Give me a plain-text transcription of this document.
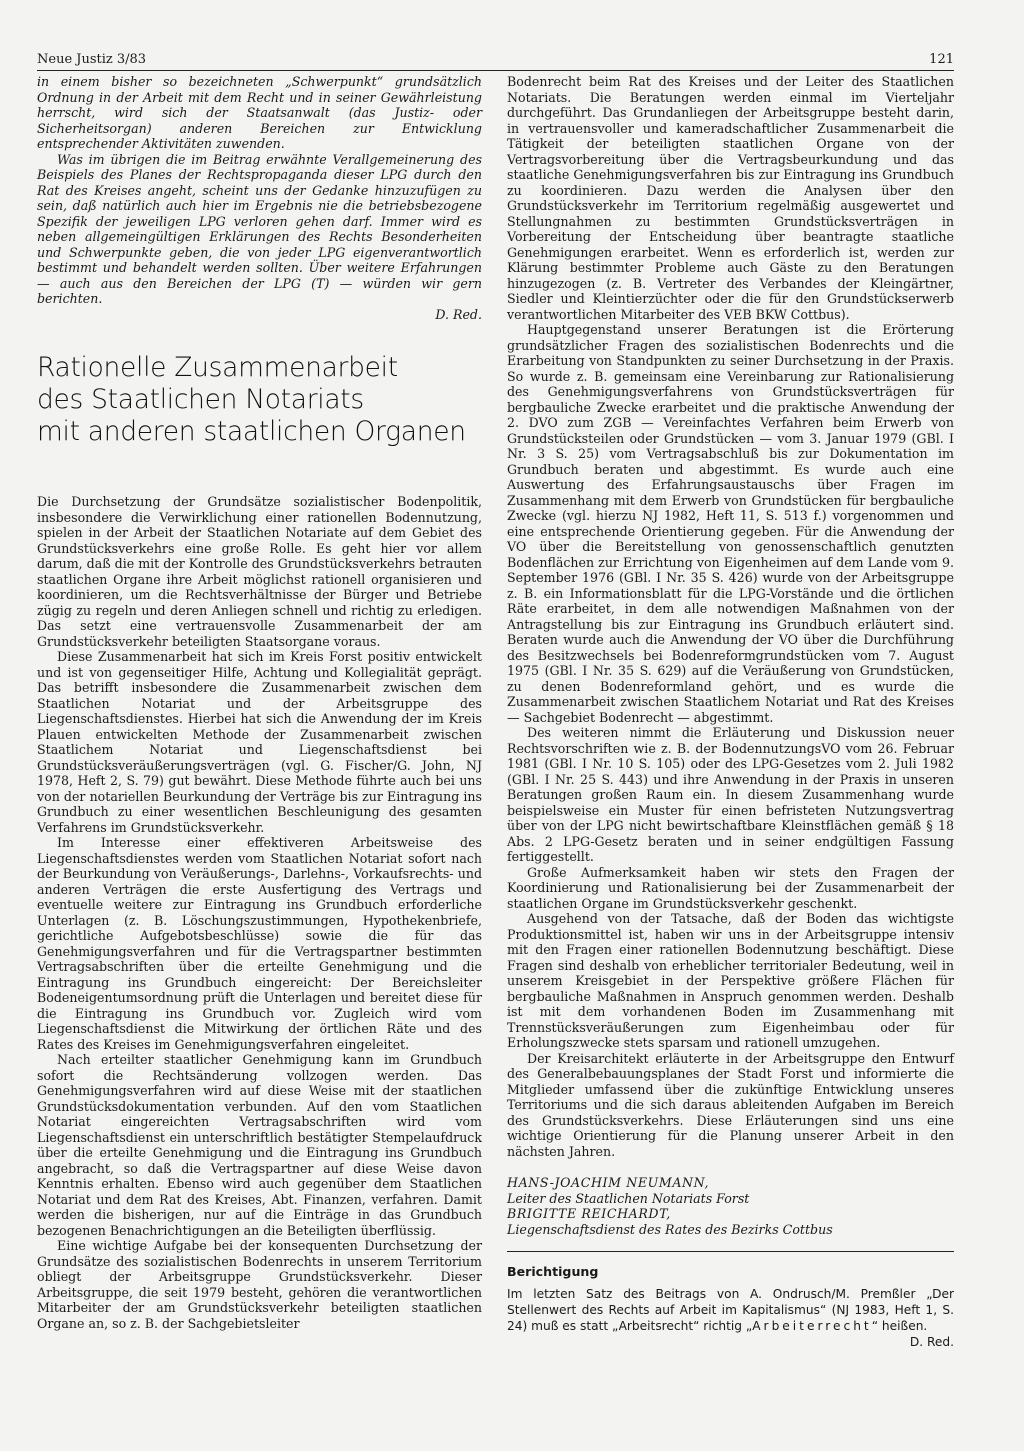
Neue Justiz 3/83	121

in einem bisher so bezeichneten „Schwerpunkt“ grundsätzlich Ordnung in der Arbeit mit dem Recht und in seiner Gewährleistung herrscht, wird sich der Staatsanwalt (das Justiz- oder Sicherheitsorgan) anderen Bereichen zur Entwicklung entsprechender Aktivitäten zuwenden.

Was im übrigen die im Beitrag erwähnte Verallgemeinerung des Beispiels des Planes der Rechtspropaganda dieser LPG durch den Rat des Kreises angeht, scheint uns der Gedanke hinzuzufügen zu sein, daß natürlich auch hier im Ergebnis nie die betriebsbezogene Spezifik der jeweiligen LPG verloren gehen darf. Immer wird es neben allgemeingültigen Erklärungen des Rechts Besonderheiten und Schwerpunkte geben, die von jeder LPG eigenverantwortlich bestimmt und behandelt werden sollten. Über weitere Erfahrungen — auch aus den Bereichen der LPG (T) — würden wir gern berichten.

D. Red.

Rationelle Zusammenarbeit
des Staatlichen Notariats
mit anderen staatlichen Organen

Die Durchsetzung der Grundsätze sozialistischer Bodenpolitik, insbesondere die Verwirklichung einer rationellen Bodennutzung, spielen in der Arbeit der Staatlichen Notariate auf dem Gebiet des Grundstücksverkehrs eine große Rolle. Es geht hier vor allem darum, daß die mit der Kontrolle des Grundstücksverkehrs betrauten staatlichen Organe ihre Arbeit möglichst rationell organisieren und koordinieren, um die Rechtsverhältnisse der Bürger und Betriebe zügig zu regeln und deren Anliegen schnell und richtig zu erledigen. Das setzt eine vertrauensvolle Zusammenarbeit der am Grundstücksverkehr beteiligten Staatsorgane voraus.

Diese Zusammenarbeit hat sich im Kreis Forst positiv entwickelt und ist von gegenseitiger Hilfe, Achtung und Kollegialität geprägt. Das betrifft insbesondere die Zusammenarbeit zwischen dem Staatlichen Notariat und der Arbeitsgruppe des Liegenschaftsdienstes. Hierbei hat sich die Anwendung der im Kreis Plauen entwickelten Methode der Zusammenarbeit zwischen Staatlichem Notariat und Liegenschaftsdienst bei Grundstücksveräußerungsverträgen (vgl. G. Fischer/G. John, NJ 1978, Heft 2, S. 79) gut bewährt. Diese Methode führte auch bei uns von der notariellen Beurkundung der Verträge bis zur Eintragung ins Grundbuch zu einer wesentlichen Beschleunigung des gesamten Verfahrens im Grundstücksverkehr.

Im Interesse einer effektiveren Arbeitsweise des Liegenschaftsdienstes werden vom Staatlichen Notariat sofort nach der Beurkundung von Veräußerungs-, Darlehns-, Vorkaufsrechts- und anderen Verträgen die erste Ausfertigung des Vertrags und eventuelle weitere zur Eintragung ins Grundbuch erforderliche Unterlagen (z. B. Löschungszustimmungen, Hypothekenbriefe, gerichtliche Aufgebotsbeschlüsse) sowie die für das Genehmigungsverfahren und für die Vertragspartner bestimmten Vertragsabschriften über die erteilte Genehmigung und die Eintragung ins Grundbuch eingereicht: Der Bereichsleiter Bodeneigentumsordnung prüft die Unterlagen und bereitet diese für die Eintragung ins Grundbuch vor. Zugleich wird vom Liegenschaftsdienst die Mitwirkung der örtlichen Räte und des Rates des Kreises im Genehmigungsverfahren eingeleitet.

Nach erteilter staatlicher Genehmigung kann im Grundbuch sofort die Rechtsänderung vollzogen werden. Das Genehmigungsverfahren wird auf diese Weise mit der staatlichen Grundstücksdokumentation verbunden. Auf den vom Staatlichen Notariat eingereichten Vertragsabschriften wird vom Liegenschaftsdienst ein unterschriftlich bestätigter Stempelaufdruck über die erteilte Genehmigung und die Eintragung ins Grundbuch angebracht, so daß die Vertragspartner auf diese Weise davon Kenntnis erhalten. Ebenso wird auch gegenüber dem Staatlichen Notariat und dem Rat des Kreises, Abt. Finanzen, verfahren. Damit werden die bisherigen, nur auf die Einträge in das Grundbuch bezogenen Benachrichtigungen an die Beteiligten überflüssig.

Eine wichtige Aufgabe bei der konsequenten Durchsetzung der Grundsätze des sozialistischen Bodenrechts in unserem Territorium obliegt der Arbeitsgruppe Grundstücksverkehr. Dieser Arbeitsgruppe, die seit 1979 besteht, gehören die verantwortlichen Mitarbeiter der am Grundstücksverkehr beteiligten staatlichen Organe an, so z. B. der Sachgebietsleiter

Bodenrecht beim Rat des Kreises und der Leiter des Staatlichen Notariats. Die Beratungen werden einmal im Vierteljahr durchgeführt. Das Grundanliegen der Arbeitsgruppe besteht darin, in vertrauensvoller und kameradschaftlicher Zusammenarbeit die Tätigkeit der beteiligten staatlichen Organe von der Vertragsvorbereitung über die Vertragsbeurkundung und das staatliche Genehmigungsverfahren bis zur Eintragung ins Grundbuch zu koordinieren. Dazu werden die Analysen über den Grundstücksverkehr im Territorium regelmäßig ausgewertet und Stellungnahmen zu bestimmten Grundstücksverträgen in Vorbereitung der Entscheidung über beantragte staatliche Genehmigungen erarbeitet. Wenn es erforderlich ist, werden zur Klärung bestimmter Probleme auch Gäste zu den Beratungen hinzugezogen (z. B. Vertreter des Verbandes der Kleingärtner, Siedler und Kleintierzüchter oder die für den Grundstückserwerb verantwortlichen Mitarbeiter des VEB BKW Cottbus).

Hauptgegenstand unserer Beratungen ist die Erörterung grundsätzlicher Fragen des sozialistischen Bodenrechts und die Erarbeitung von Standpunkten zu seiner Durchsetzung in der Praxis. So wurde z. B. gemeinsam eine Vereinbarung zur Rationalisierung des Genehmigungsverfahrens von Grundstücksverträgen für bergbauliche Zwecke erarbeitet und die praktische Anwendung der 2. DVO zum ZGB — Vereinfachtes Verfahren beim Erwerb von Grundstücksteilen oder Grundstücken — vom 3. Januar 1979 (GBl. I Nr. 3 S. 25) vom Vertragsabschluß bis zur Dokumentation im Grundbuch beraten und abgestimmt. Es wurde auch eine Auswertung des Erfahrungsaustauschs über Fragen im Zusammenhang mit dem Erwerb von Grundstücken für bergbauliche Zwecke (vgl. hierzu NJ 1982, Heft 11, S. 513 f.) vorgenommen und eine entsprechende Orientierung gegeben. Für die Anwendung der VO über die Bereitstellung von genossenschaftlich genutzten Bodenflächen zur Errichtung von Eigenheimen auf dem Lande vom 9. September 1976 (GBl. I Nr. 35 S. 426) wurde von der Arbeitsgruppe z. B. ein Informationsblatt für die LPG-Vorstände und die örtlichen Räte erarbeitet, in dem alle notwendigen Maßnahmen von der Antragstellung bis zur Eintragung ins Grundbuch erläutert sind. Beraten wurde auch die Anwendung der VO über die Durchführung des Besitzwechsels bei Bodenreformgrundstücken vom 7. August 1975 (GBl. I Nr. 35 S. 629) auf die Veräußerung von Grundstücken, zu denen Bodenreformland gehört, und es wurde die Zusammenarbeit zwischen Staatlichem Notariat und Rat des Kreises — Sachgebiet Bodenrecht — abgestimmt.

Des weiteren nimmt die Erläuterung und Diskussion neuer Rechtsvorschriften wie z. B. der BodennutzungsVO vom 26. Februar 1981 (GBl. I Nr. 10 S. 105) oder des LPG-Gesetzes vom 2. Juli 1982 (GBl. I Nr. 25 S. 443) und ihre Anwendung in der Praxis in unseren Beratungen großen Raum ein. In diesem Zusammenhang wurde beispielsweise ein Muster für einen befristeten Nutzungsvertrag über von der LPG nicht bewirtschaftbare Kleinstflächen gemäß § 18 Abs. 2 LPG-Gesetz beraten und in seiner endgültigen Fassung fertiggestellt.

Große Aufmerksamkeit haben wir stets den Fragen der Koordinierung und Rationalisierung bei der Zusammenarbeit der staatlichen Organe im Grundstücksverkehr geschenkt.

Ausgehend von der Tatsache, daß der Boden das wichtigste Produktionsmittel ist, haben wir uns in der Arbeitsgruppe intensiv mit den Fragen einer rationellen Bodennutzung beschäftigt. Diese Fragen sind deshalb von erheblicher territorialer Bedeutung, weil in unserem Kreisgebiet in der Perspektive größere Flächen für bergbauliche Maßnahmen in Anspruch genommen werden. Deshalb ist mit dem vorhandenen Boden im Zusammenhang mit Trennstücksveräußerungen zum Eigenheimbau oder für Erholungszwecke stets sparsam und rationell umzugehen.

Der Kreisarchitekt erläuterte in der Arbeitsgruppe den Entwurf des Generalbebauungsplanes der Stadt Forst und informierte die Mitglieder umfassend über die zukünftige Entwicklung unseres Territoriums und die sich daraus ableitenden Aufgaben im Bereich des Grundstücksverkehrs. Diese Erläuterungen sind uns eine wichtige Orientierung für die Planung unserer Arbeit in den nächsten Jahren.

HANS-JOACHIM NEUMANN,
Leiter des Staatlichen Notariats Forst
BRIGITTE REICHARDT,
Liegenschaftsdienst des Rates des Bezirks Cottbus
Berichtigung

Im letzten Satz des Beitrags von A. Ondrusch/M. Premßler „Der Stellenwert des Rechts auf Arbeit im Kapitalismus“ (NJ 1983, Heft 1, S. 24) muß es statt „Arbeitsrecht“ richtig „Arbeiterrecht“ heißen.

D. Red.
